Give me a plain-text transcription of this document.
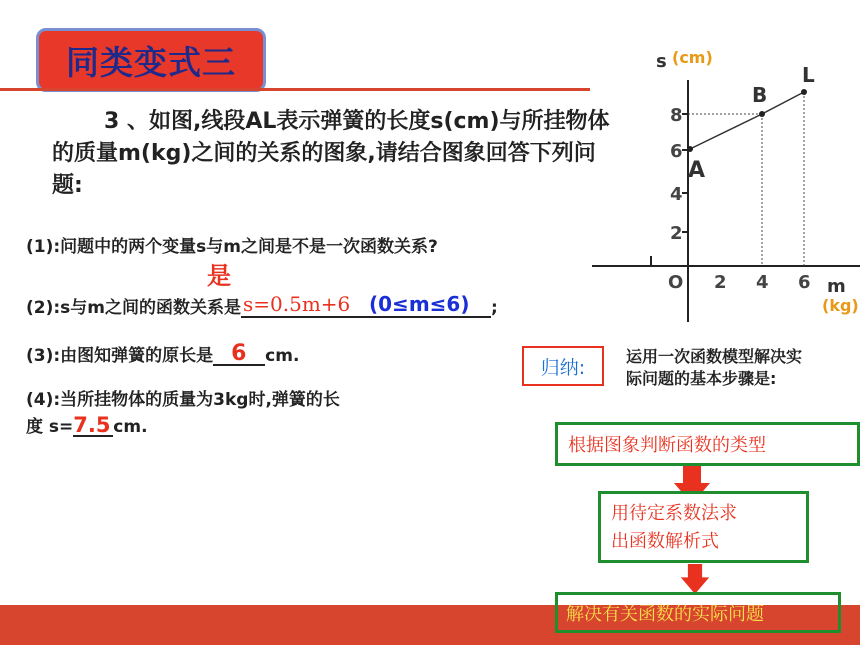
同类变式三
3 、如图,线段AL表示弹簧的长度s(cm)与所挂物体的质量m(kg)之间的关系的图象,请结合图象回答下列问题:
(1):问题中的两个变量s与m之间是不是一次函数关系?
是
(2):s与m之间的函数关系是 s=0.5m+6 (0≤m≤6) ;
(3):由图知弹簧的原长是 6 cm.
(4):当所挂物体的质量为3kg时,弹簧的长
度 s= 7.5 cm.
s (cm)
m
(kg)
O 2 4 6
2
4
6
8
A
B
L
归纳:	运用一次函数模型解决实
际问题的基本步骤是:
根据图象判断函数的类型
用待定系数法求
出函数解析式
解决有关函数的实际问题
